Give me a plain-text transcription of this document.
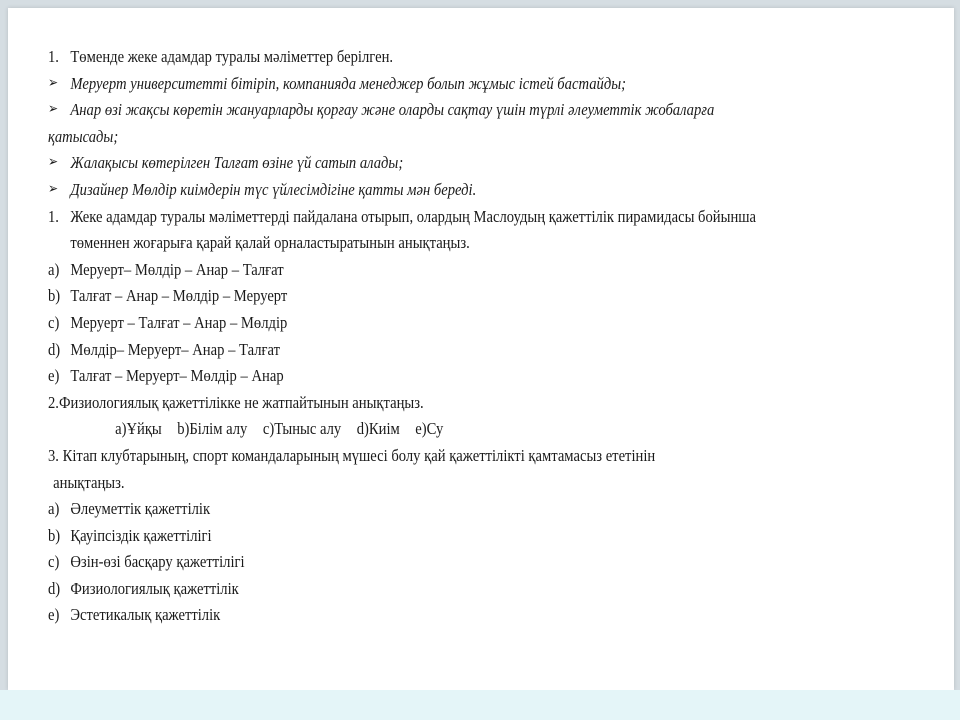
1. Төменде жеке адамдар туралы мәліметтер берілген.
➢ Меруерт университетті бітіріп, компанияда менеджер болып жұмыс істей бастайды;
➢ Анар өзі жақсы көретін жануарларды қорғау және оларды сақтау үшін түрлі әлеуметтік жобаларға
қатысады;
➢ Жалақысы көтерілген Талғат өзіне үй сатып алады;
➢ Дизайнер Мөлдір киімдерін түс үйлесімдігіне қатты мән береді.
1. Жеке адамдар туралы мәліметтерді пайдалана отырып, олардың Маслоудың қажеттілік пирамидасы бойынша
төменнен жоғарыға қарай қалай орналастыратынын анықтаңыз.
a) Меруерт– Мөлдір – Анар – Талғат
b) Талғат – Анар – Мөлдір – Меруерт
c) Меруерт – Талғат – Анар – Мөлдір
d) Мөлдір– Меруерт– Анар – Талғат
e) Талғат – Меруерт– Мөлдір – Анар
2.Физиологиялық қажеттілікке не жатпайтынын анықтаңыз.
а)Ұйқы b)Білім алу c)Тыныс алу d)Киім e)Су
3. Кітап клубтарының, спорт командаларының мүшесі болу қай қажеттілікті қамтамасыз ететінін
анықтаңыз.
a) Әлеуметтік қажеттілік
b) Қауіпсіздік қажеттілігі
c) Өзін-өзі басқару қажеттілігі
d) Физиологиялық қажеттілік
e) Эстетикалық қажеттілік
